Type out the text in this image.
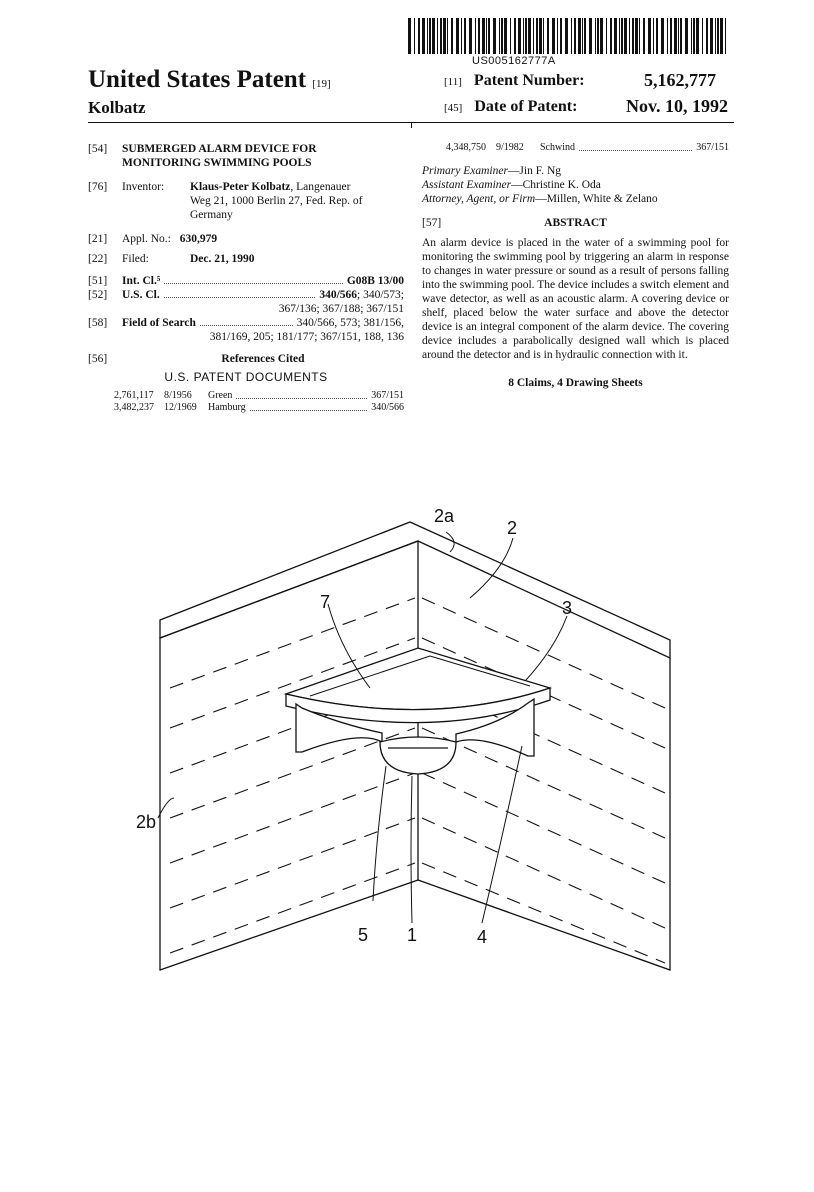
US005162777A
United States Patent [19]
Kolbatz
[11] Patent Number:	5,162,777
[45] Date of Patent:	Nov. 10, 1992
[54]	SUBMERGED ALARM DEVICE FOR
MONITORING SWIMMING POOLS
[76]	Inventor: Klaus-Peter Kolbatz, Langenauer
Weg 21, 1000 Berlin 27, Fed. Rep. of
Germany
[21]	Appl. No.: 630,979
[22]	Filed:	Dec. 21, 1990
[51]	Int. Cl.⁵	G08B 13/00
[52]	U.S. Cl.	340/566; 340/573;
367/136; 367/188; 367/151
[58]	Field of Search	340/566, 573; 381/156,
381/169, 205; 181/177; 367/151, 188, 136
[56]	References Cited
U.S. PATENT DOCUMENTS
2,761,117	8/1956	Green	367/151
3,482,237	12/1969	Hamburg	340/566
4,348,750	9/1982	Schwind	367/151
Primary Examiner—Jin F. Ng
Assistant Examiner—Christine K. Oda
Attorney, Agent, or Firm—Millen, White & Zelano
[57]	ABSTRACT

An alarm device is placed in the water of a swimming pool for monitoring the swimming pool by triggering an alarm in response to changes in water pressure or sound as a result of persons falling into the swimming pool. The device includes a switch element and wave detector, as well as an acoustic alarm. A covering device or shelf, placed below the water surface and above the detector device is an integral component of the alarm device. The covering device includes a parabolically designed wall which is placed around the detector and is in hydraulic connection with it.

8 Claims, 4 Drawing Sheets
2a
2
3
7
2b
5 1	4
